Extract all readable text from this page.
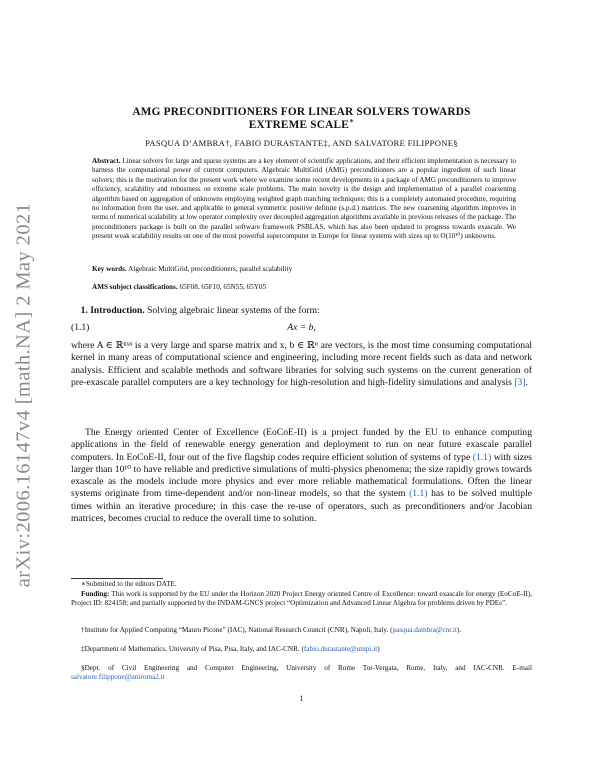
arXiv:2006.16147v4 [math.NA] 2 May 2021
AMG PRECONDITIONERS FOR LINEAR SOLVERS TOWARDS
EXTREME SCALE∗
PASQUA D’AMBRA†, FABIO DURASTANTE‡, AND SALVATORE FILIPPONE§
Abstract. Linear solvers for large and sparse systems are a key element of scientific applications, and their efficient implementation is necessary to harness the computational power of current computers. Algebraic MultiGrid (AMG) preconditioners are a popular ingredient of such linear solvers; this is the motivation for the present work where we examine some recent developments in a package of AMG preconditioners to improve efficiency, scalability and robustness on extreme scale problems. The main novelty is the design and implementation of a parallel coarsening algorithm based on aggregation of unknowns employing weighted graph matching techniques; this is a completely automated procedure, requiring no information from the user, and applicable to general symmetric positive definite (s.p.d.) matrices. The new coarsening algorithm improves in terms of numerical scalability at low operator complexity over decoupled aggregation algorithms available in previous releases of the package. The preconditioners package is built on the parallel software framework PSBLAS, which has also been updated to progress towards exascale. We present weak scalability results on one of the most powerful supercomputer in Europe for linear systems with sizes up to O(10¹⁰) unknowns.
Key words. Algebraic MultiGrid, preconditioners, parallel scalability
AMS subject classifications. 65F08, 65F10, 65N55, 65Y05
1. Introduction. Solving algebraic linear systems of the form:
(1.1)	Ax = b,
where A ∈ ℝⁿˣⁿ is a very large and sparse matrix and x, b ∈ ℝⁿ are vectors, is the most time consuming computational kernel in many areas of computational science and engineering, including more recent fields such as data and network analysis. Efficient and scalable methods and software libraries for solving such systems on the current generation of pre-exascale parallel computers are a key technology for high-resolution and high-fidelity simulations and analysis [3].
The Energy oriented Center of Excellence (EoCoE-II) is a project funded by the EU to enhance computing applications in the field of renewable energy generation and deployment to run on near future exascale parallel computers. In EoCoE-II, four out of the five flagship codes require efficient solution of systems of type (1.1) with sizes larger than 10¹⁰ to have reliable and predictive simulations of multi-physics phenomena; the size rapidly grows towards exascale as the models include more physics and ever more reliable mathematical formulations. Often the linear systems originate from time-dependent and/or non-linear models, so that the system (1.1) has to be solved multiple times within an iterative procedure; in this case the re-use of operators, such as preconditioners and/or Jacobian matrices, becomes crucial to reduce the overall time to solution.
∗Submitted to the editors DATE.
Funding: This work is supported by the EU under the Horizon 2020 Project Energy oriented Centre of Excellence: toward exascale for energy (EoCoE-II), Project ID: 824158; and partially supported by the INDAM-GNCS project “Optimization and Advanced Linear Algebra for problems driven by PDEs”.
†Institute for Applied Computing “Mauro Picone” (IAC), National Research Council (CNR), Napoli, Italy. (pasqua.dambra@cnr.it).
‡Department of Mathematics, University of Pisa, Pisa, Italy, and IAC-CNR. (fabio.durastante@unipi.it)
§Dept. of Civil Engineering and Computer Engineering, University of Rome Tor-Vergata, Rome, Italy, and IAC-CNR. E-mail salvatore.filippone@uniroma2.it
1
